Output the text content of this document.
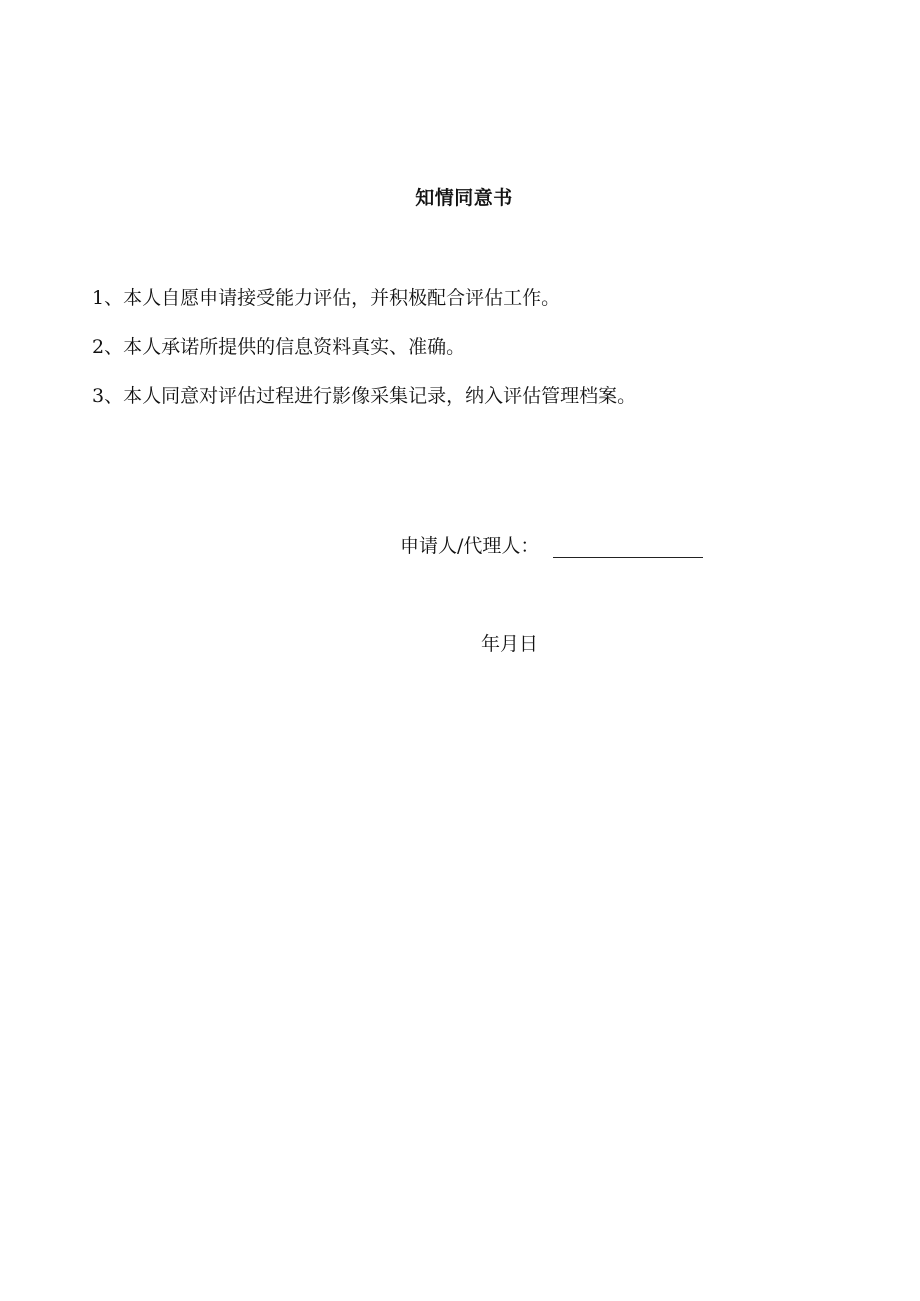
知情同意书
1、本人自愿申请接受能力评估，并积极配合评估工作。
2、本人承诺所提供的信息资料真实、准确。
3、本人同意对评估过程进行影像采集记录，纳入评估管理档案。
申请人/代理人：
年月日
